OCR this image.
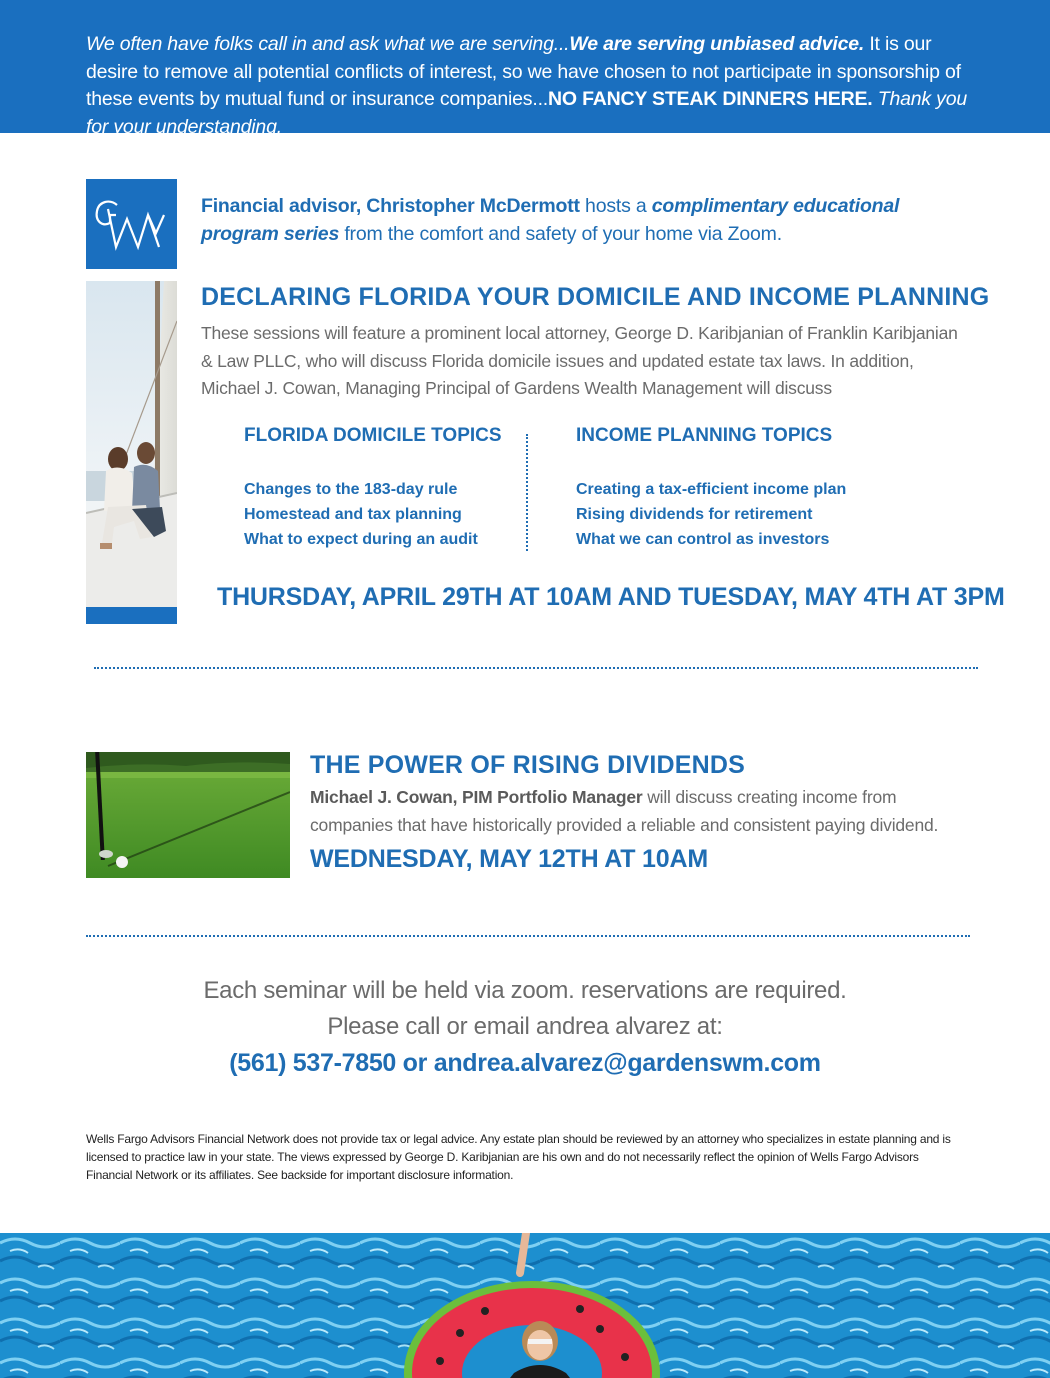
We often have folks call in and ask what we are serving...We are serving unbiased advice. It is our desire to remove all potential conflicts of interest, so we have chosen to not participate in sponsorship of these events by mutual fund or insurance companies...NO FANCY STEAK DINNERS HERE. Thank you for your understanding.
Financial advisor, Christopher McDermott hosts a complimentary educational program series from the comfort and safety of your home via Zoom.
DECLARING FLORIDA YOUR DOMICILE AND INCOME PLANNING
These sessions will feature a prominent local attorney, George D. Karibjanian of Franklin Karibjanian & Law PLLC, who will discuss Florida domicile issues and updated estate tax laws. In addition, Michael J. Cowan, Managing Principal of Gardens Wealth Management will discuss
FLORIDA DOMICILE TOPICS	INCOME PLANNING TOPICS
Changes to the 183-day rule
Homestead and tax planning
What to expect during an audit
Creating a tax-efficient income plan
Rising dividends for retirement
What we can control as investors
THURSDAY, APRIL 29TH AT 10AM AND TUESDAY, MAY 4TH AT 3PM
THE POWER OF RISING DIVIDENDS
Michael J. Cowan, PIM Portfolio Manager will discuss creating income from companies that have historically provided a reliable and consistent paying dividend.
WEDNESDAY, MAY 12TH AT 10AM
Each seminar will be held via zoom. reservations are required.
Please call or email andrea alvarez at:
(561) 537-7850 or andrea.alvarez@gardenswm.com
Wells Fargo Advisors Financial Network does not provide tax or legal advice. Any estate plan should be reviewed by an attorney who specializes in estate planning and is licensed to practice law in your state. The views expressed by George D. Karibjanian are his own and do not necessarily reflect the opinion of Wells Fargo Advisors Financial Network or its affiliates. See backside for important disclosure information.
